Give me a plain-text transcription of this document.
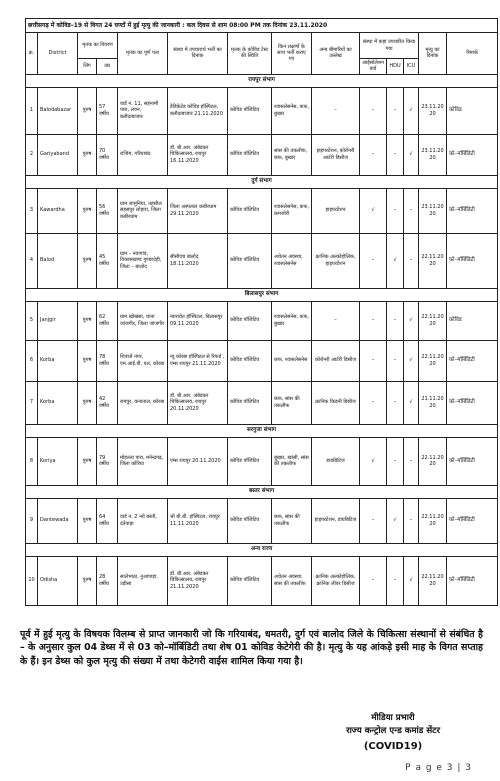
छत्तीसगढ़ में कोविड–19 से विगत 24 घण्टों में हुई मृत्यु की जानकारी : कल दिवस से शाम 08:00 PM तक दिनांक 23.11.2020													
क्र.	District	मृतक का विवरण		मृतक का पूर्ण पता	संस्था में उपचारार्थ भर्ती का दिनांक	मृतक के कोविड टेस्ट की स्थिति	किन लक्षणों के साथ भर्ती कराए गए	अन्य बीमारियों का उल्लेख	संस्था में कहां उपचारित किया गया			मृत्यु का दिनांक	रिमार्क
		लिंग	उम्र						आईसोलेशन वार्ड	HDU	ICU		
रायपुर संभाग													
1	Balodabazar	पुरुष	57 वर्षीय	वार्ड न. 11, सहनामी पारा, लवन, बलौदाबाजार	डेडिकेटेड कोविड हॉस्पिटल, बलौदाबाजार 21.11.2020	कोविड पॉजिटिव	श्वासलेसनेस, कफ, बुखार	–	–	–	√	23.11.2020	कोविड
2	Gariyaband	पुरुष	70 वर्षीय	राजिम, गरियाबंद	डॉ. बी.आर. अंबेडकर चिकित्सालय, रायपुर 16.11.2020	कोविड पॉजिटिव	सांस की तकलीफ, कफ, बुखार	हाइपरटेंशन, कोरोनरी आर्टरी डिसीज	–	–	√	23.11.2020	को–मॉर्बिडिटी
दुर्ग संभाग													
3	Kawardha	पुरुष	56 वर्षीय	ग्राम जामुनिया, तहसील सहसपुर लोहारा, जिला कबीरधाम	जिला अस्पताल कबीरधाम 29.11.2020	कोविड पॉजिटिव	श्वासलेसनेस, कफ, कमजोरी	हाइपरटेंशन	√	–	–	23.11.2020	को–मॉर्बिडिटी
4	Balod	पुरुष	45 वर्षीय	ग्राम – नवागांव, विकासखण्ड गुण्डरदेही, जिला – बालोद	सीसीएच बालोद 18.11.2020	कोविड पॉजिटिव	अचेतन अवस्था, श्वासलेसनेस	क्रानिक अल्कोहोलिक, हाइपरटेंशन	–	√	–	22.11.2020	को–मॉर्बिडिटी
बिलासपुर संभाग													
5	Janjgir	पुरुष	62 वर्षीय	ग्राम खोखसा, थाना जांजगीर, जिला जांजगीर	न्यारायेत हॉस्पिटल, बिलासपुर 09.11.2020	कोविड पॉजिटिव	श्वासलेसनेस, कफ, बुखार	–	–	–	√	22.11.2020	कोविड
6	Korba	पुरुष	78 वर्षीय	शिवाजे नगर, एम.आई.डी. एल, कोरबा	न्यू कोरबा हॉस्पिटल से रिफर्ड , एम्स रायपुर 21.11.2020	कोविड पॉजिटिव	कफ, श्वासलेसनेस	कोरोनरी आर्टरी डिसीज	–	–	√	22.11.2020	को–मॉर्बिडिटी
7	Korba	पुरुष	42 वर्षीय	रामपुर, कनाताल, कोरबा	डॉ. बी.आर. अंबेडकर चिकित्सालय, रायपुर 20.11.2020	कोविड पॉजिटिव	कफ, सांस की तकलीफ	क्रानिक किडनी डिसीज	–	–	√	21.11.2020	को–मॉर्बिडिटी
सरगुजा संभाग													
8	Koriya	पुरुष	79 वर्षीय	मोहल्ला पारा, मनेन्द्रगढ़, जिला कोरिया	एम्स रायपुर 20.11.2020	कोविड पॉजिटिव	बुखार, खांसी, सांस की तकलीफ	डायबिटिज	√	–	–	22.11.2020	को–मॉर्बिडिटी
बस्तर संभाग													
9	Dantewada	पुरुष	64 वर्षीय	वार्ड न. 2 नये बस्ती, दंतेवाड़ा	श्री बी.बी. हॉस्पिटल, रायपुर 11.11.2020	कोविड पॉजिटिव	कफ, सांस की तकलीफ	हाइपरटेंशन, डायबिटिज	–	√	–	22.11.2020	को–मॉर्बिडिटी
अन्य राज्य													
10	Odisha	पुरुष	28 वर्षीय	सालेभाठा, नुआपाड़ा, उड़ीसा	डॉ. बी.आर. अंबेडकर चिकित्सालय, रायपुर 21.11.2020	कोविड पॉजिटिव	अचेतन अवस्था, सांस की तकलीफ	क्रानिक अल्कोहोलिक, क्रानिक लीवर डिसीज	–	–	√	22.11.2020	को–मॉर्बिडिटी
पूर्व में हुई मृत्यु के विषयक विलम्ब से प्राप्त जानकारी जो कि गरियाबंद, धमतरी, दुर्ग एवं बालोद जिले के चिकित्सा संस्थानों से संबंधित है – के अनुसार कुल 04 डेथ्स में से 03 को–मॉर्बिडिटी तथा शेष 01 कोविड केटेगेरी की है। मृत्यु के यह आंकड़े इसी माह के विगत सप्ताह के हैं। इन डेथ्स को कुल मृत्यु की संख्या में तथा केटेगरी वाईस शामिल किया गया है।
मीडिया प्रभारी
राज्य कन्ट्रोल एन्ड कमांड सेंटर
(COVID19)
P a g e 3 | 3
